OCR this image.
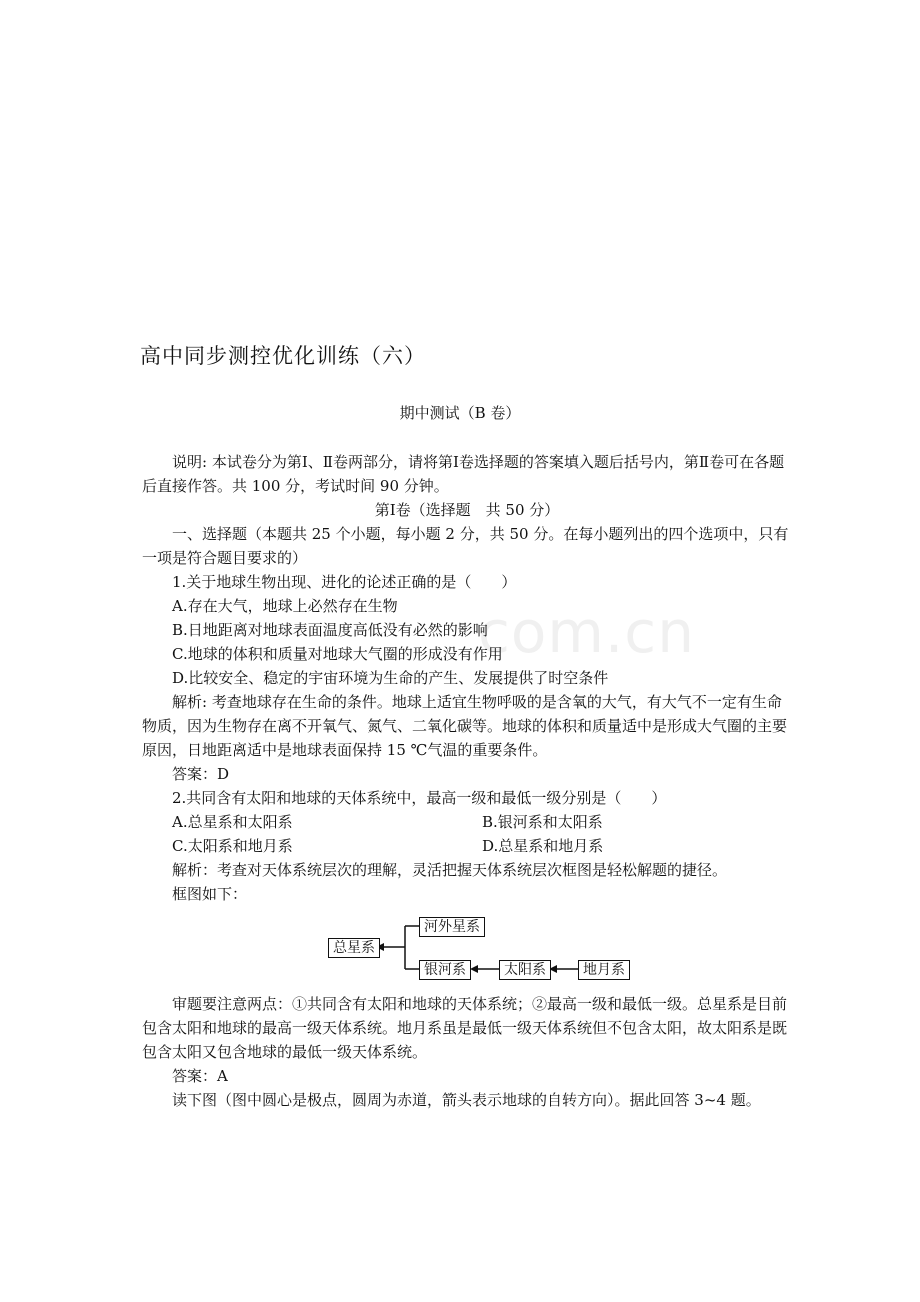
com.cn
高中同步测控优化训练（六）
期中测试（B 卷）

说明: 本试卷分为第Ⅰ、Ⅱ卷两部分，请将第Ⅰ卷选择题的答案填入题后括号内，第Ⅱ卷可在各题后直接作答。共 100 分，考试时间 90 分钟。

第Ⅰ卷（选择题　共 50 分）

一、选择题（本题共 25 个小题，每小题 2 分，共 50 分。在每小题列出的四个选项中，只有一项是符合题目要求的）

1.关于地球生物出现、进化的论述正确的是（　　）

A.存在大气，地球上必然存在生物

B.日地距离对地球表面温度高低没有必然的影响

C.地球的体积和质量对地球大气圈的形成没有作用

D.比较安全、稳定的宇宙环境为生命的产生、发展提供了时空条件

解析: 考查地球存在生命的条件。地球上适宜生物呼吸的是含氧的大气，有大气不一定有生命物质，因为生物存在离不开氧气、氮气、二氧化碳等。地球的体积和质量适中是形成大气圈的主要原因，日地距离适中是地球表面保持 15 ℃气温的重要条件。

答案：D

2.共同含有太阳和地球的天体系统中，最高一级和最低一级分别是（　　）

A.总星系和太阳系	B.银河系和太阳系
C.太阳系和地月系	D.总星系和地月系

解析：考查对天体系统层次的理解，灵活把握天体系统层次框图是轻松解题的捷径。

框图如下：

总星系
河外星系
银河系	太阳系	地月系

审题要注意两点：①共同含有太阳和地球的天体系统；②最高一级和最低一级。总星系是目前包含太阳和地球的最高一级天体系统。地月系虽是最低一级天体系统但不包含太阳，故太阳系是既包含太阳又包含地球的最低一级天体系统。

答案：A

读下图（图中圆心是极点，圆周为赤道，箭头表示地球的自转方向）。据此回答 3~4 题。
